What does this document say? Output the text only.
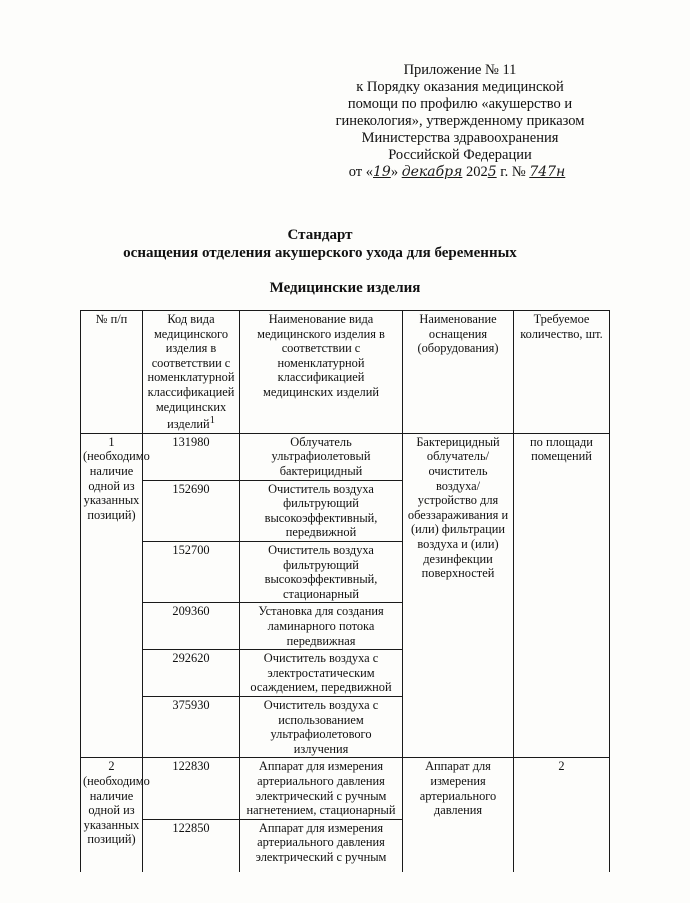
Приложение № 11
к Порядку оказания медицинской
помощи по профилю «акушерство и
гинекология», утвержденному приказом
Министерства здравоохранения
Российской Федерации
от «19» декабря 2025 г. № 747н
Стандарт
оснащения отделения акушерского ухода для беременных
Медицинские изделия
№ п/п	Код вида медицинского изделия в соответствии с номенклатурной классификацией медицинских изделий$^1$	Наименование вида медицинского изделия в соответствии с номенклатурной классификацией медицинских изделий	Наименование оснащения (оборудования)	Требуемое количество, шт.
1 (необходимо наличие одной из указанных позиций)	131980	Облучатель ультрафиолетовый бактерицидный	Бактерицидный облучатель/ очиститель воздуха/ устройство для обеззараживания и (или) фильтрации воздуха и (или) дезинфекции поверхностей	по площади помещений
	152690	Очиститель воздуха фильтрующий высокоэффективный, передвижной		
	152700	Очиститель воздуха фильтрующий высокоэффективный, стационарный		
	209360	Установка для создания ламинарного потока передвижная		
	292620	Очиститель воздуха с электростатическим осаждением, передвижной		
	375930	Очиститель воздуха с использованием ультрафиолетового излучения		
2 (необходимо наличие одной из указанных позиций)	122830	Аппарат для измерения артериального давления электрический с ручным нагнетением, стационарный	Аппарат для измерения артериального давления	2
	122850	Аппарат для измерения артериального давления электрический с ручным		
